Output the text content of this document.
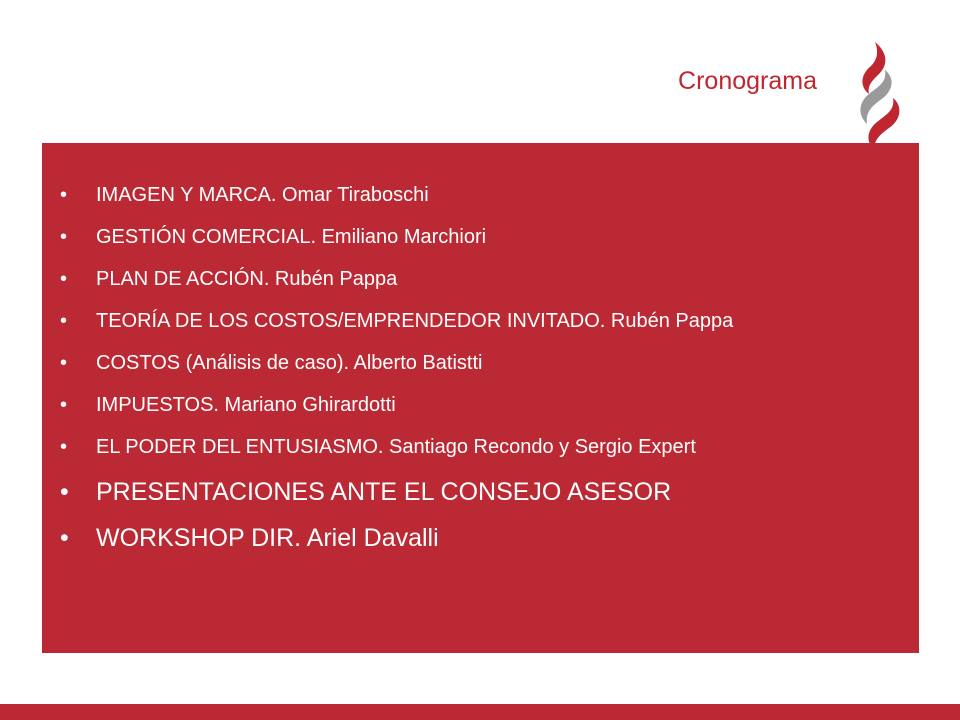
Cronograma
• IMAGEN Y MARCA. Omar Tiraboschi
• GESTIÓN COMERCIAL. Emiliano Marchiori
• PLAN DE ACCIÓN. Rubén Pappa
• TEORÍA DE LOS COSTOS/EMPRENDEDOR INVITADO. Rubén Pappa
• COSTOS (Análisis de caso). Alberto Batistti
• IMPUESTOS. Mariano Ghirardotti
• EL PODER DEL ENTUSIASMO. Santiago Recondo y Sergio Expert
• PRESENTACIONES ANTE EL CONSEJO ASESOR
• WORKSHOP DIR. Ariel Davalli
